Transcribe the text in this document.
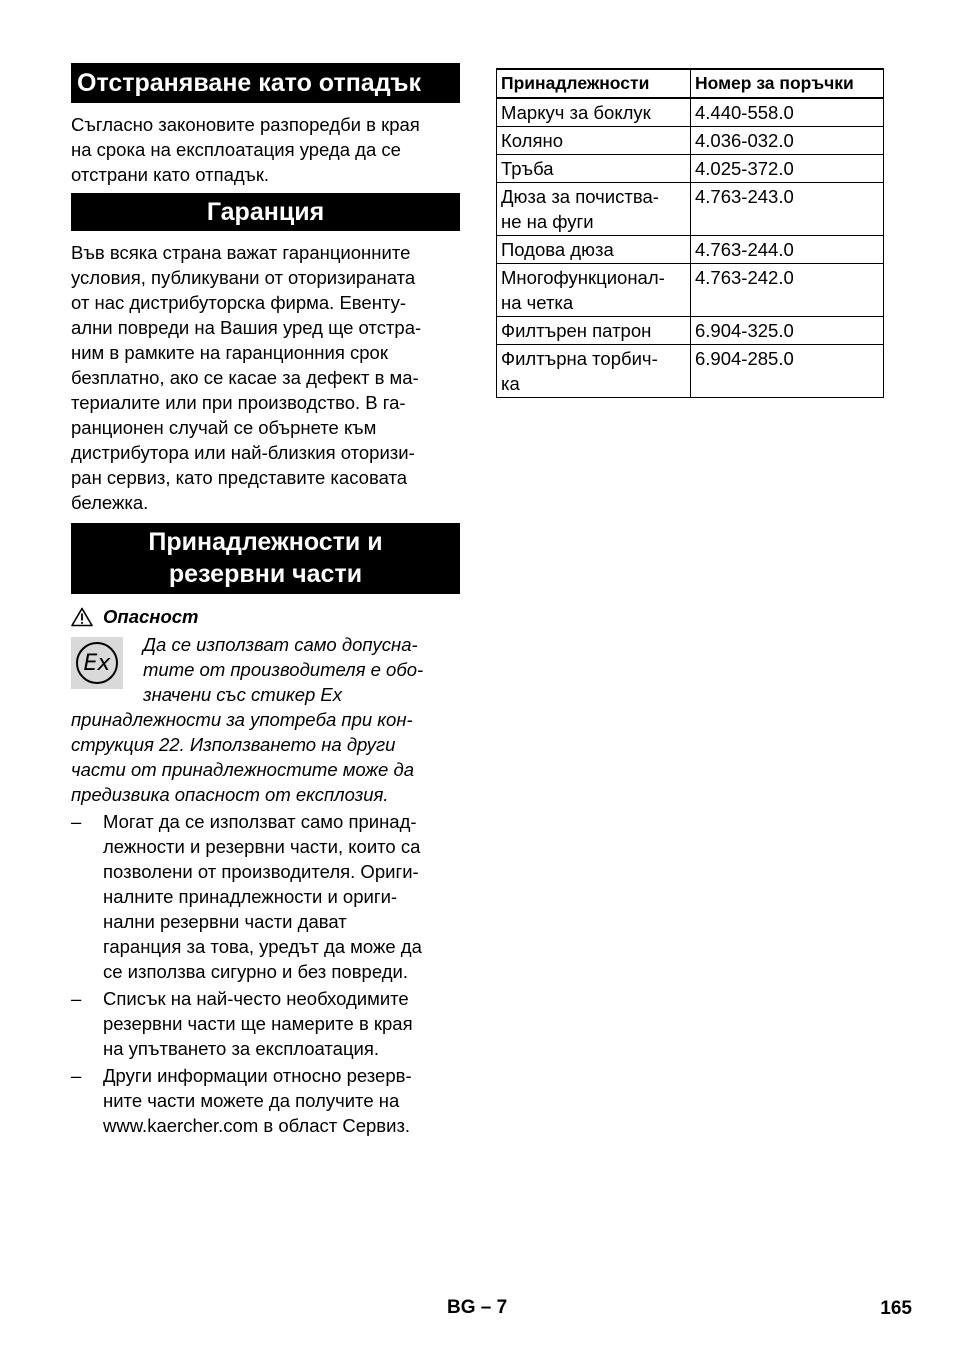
Отстраняване като отпадък
Съгласно законовите разпоредби в края
на срока на експлоатация уреда да се
отстрани като отпадък.
Гаранция
Във всяка страна важат гаранционните
условия, публикувани от оторизираната
от нас дистрибуторска фирма. Евенту-
ални повреди на Вашия уред ще отстра-
ним в рамките на гаранционния срок
безплатно, ако се касае за дефект в ма-
териалите или при производство. В га-
ранционен случай се обърнете към
дистрибутора или най-близкия оторизи-
ран сервиз, като представите касовата
бележка.
Принадлежности и
резервни части
Опасност
Ex
Да се използват само допусна-
тите от производителя е обо-
значени със стикер Ex
принадлежности за употреба при кон-
струкция 22. Използването на други
части от принадлежностите може да
предизвика опасност от експлозия.
– Могат да се използват само принад-
лежности и резервни части, които са
позволени от производителя. Ориги-
налните принадлежности и ориги-
нални резервни части дават
гаранция за това, уредът да може да
се използва сигурно и без повреди.
– Списък на най-често необходимите
резервни части ще намерите в края
на упътването за експлоатация.
– Други информации относно резерв-
ните части можете да получите на
www.kaercher.com в област Сервиз.
Принадлежности	Номер за поръчки

Маркуч за боклук	4.440-558.0

Коляно	4.036-032.0

Тръба	4.025-372.0

Дюза за почиства-
не на фуги	4.763-243.0

Подова дюза	4.763-244.0

Многофункционал-
на четка	4.763-242.0

Филтърен патрон	6.904-325.0

Филтърна торбич-
ка	6.904-285.0
BG – 7	165
